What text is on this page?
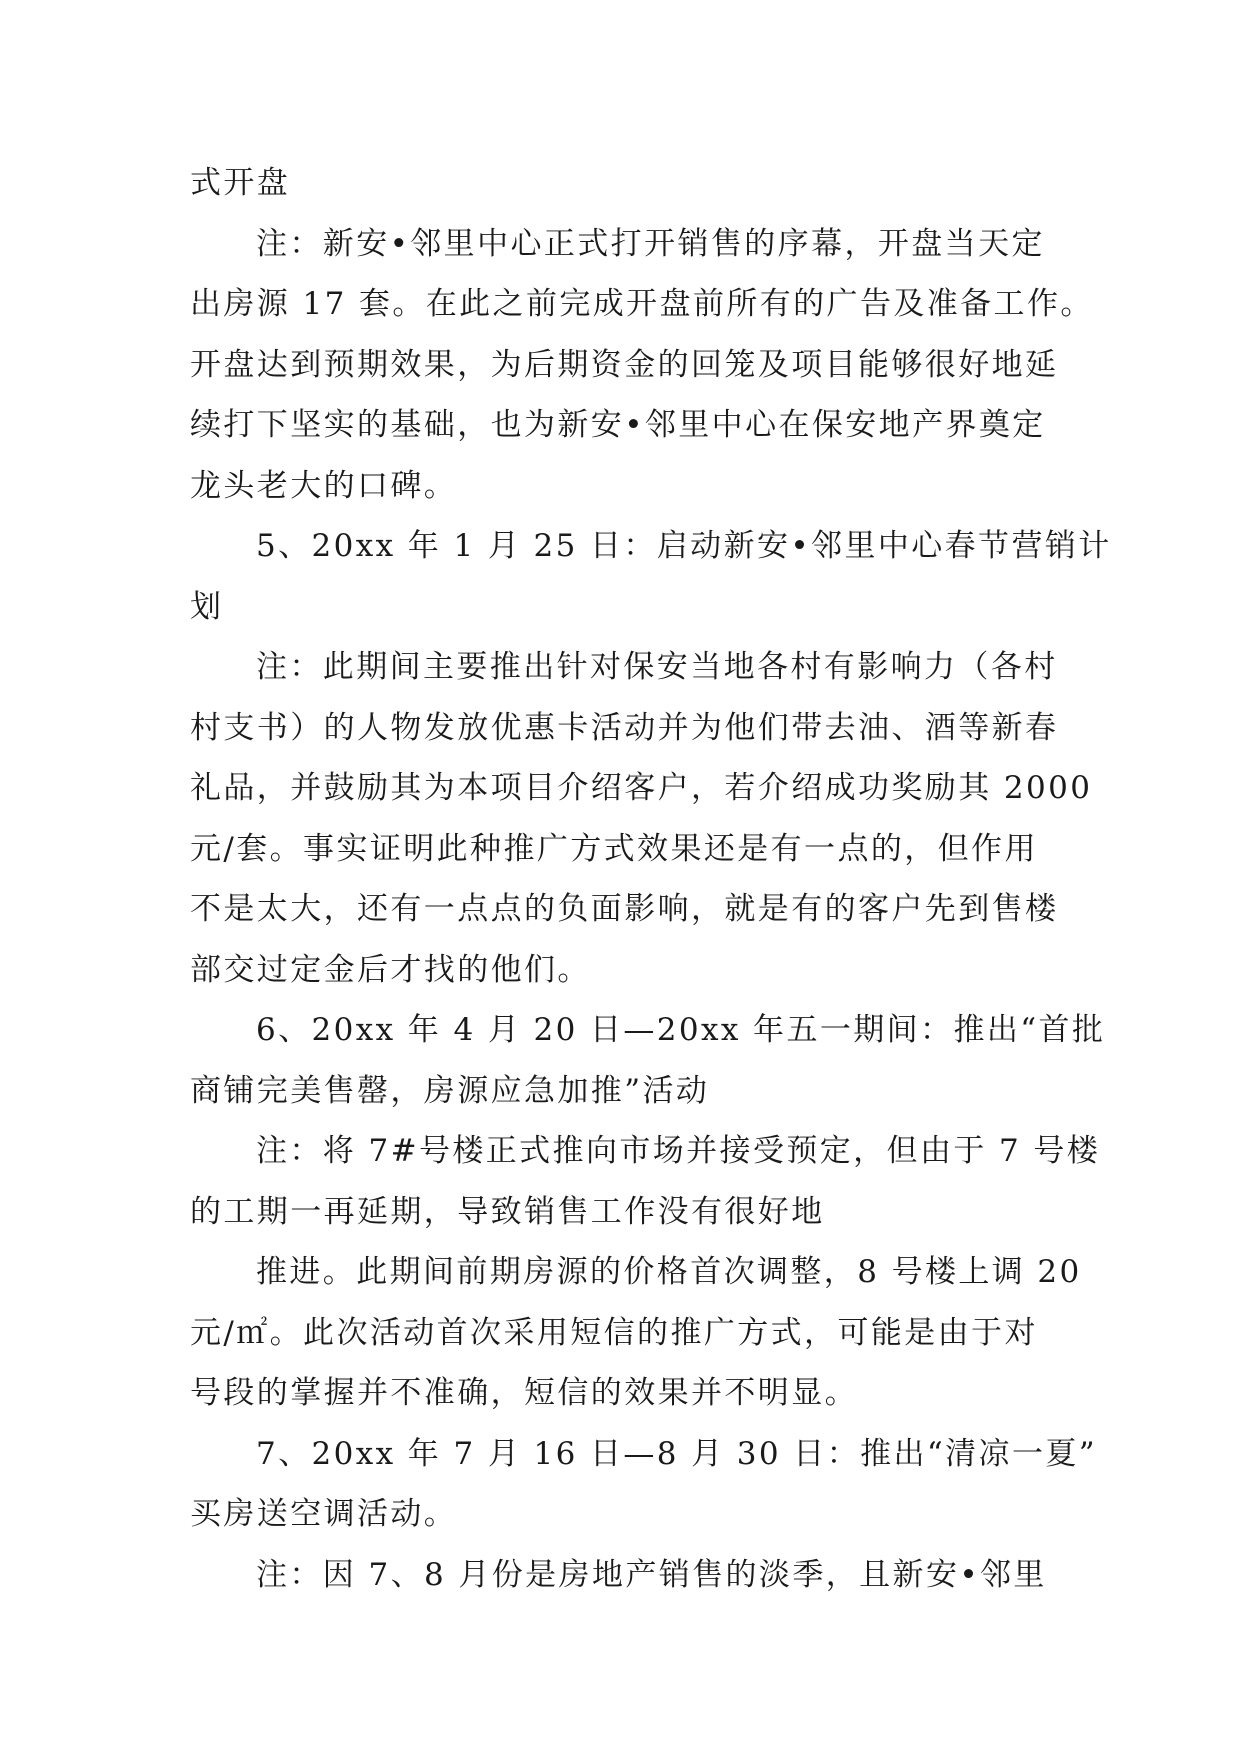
式开盘
注：新安•邻里中心正式打开销售的序幕，开盘当天定
出房源 17 套。在此之前完成开盘前所有的广告及准备工作。
开盘达到预期效果，为后期资金的回笼及项目能够很好地延
续打下坚实的基础，也为新安•邻里中心在保安地产界奠定
龙头老大的口碑。
5、20xx 年 1 月 25 日：启动新安•邻里中心春节营销计
划
注：此期间主要推出针对保安当地各村有影响力（各村
村支书）的人物发放优惠卡活动并为他们带去油、酒等新春
礼品，并鼓励其为本项目介绍客户，若介绍成功奖励其 2000
元/套。事实证明此种推广方式效果还是有一点的，但作用
不是太大，还有一点点的负面影响，就是有的客户先到售楼
部交过定金后才找的他们。
6、20xx 年 4 月 20 日—20xx 年五一期间：推出“首批
商铺完美售罄，房源应急加推”活动
注：将 7#号楼正式推向市场并接受预定，但由于 7 号楼
的工期一再延期，导致销售工作没有很好地
推进。此期间前期房源的价格首次调整，8 号楼上调 20
元/㎡。此次活动首次采用短信的推广方式，可能是由于对
号段的掌握并不准确，短信的效果并不明显。
7、20xx 年 7 月 16 日—8 月 30 日：推出“清凉一夏”
买房送空调活动。
注：因 7、8 月份是房地产销售的淡季，且新安•邻里
